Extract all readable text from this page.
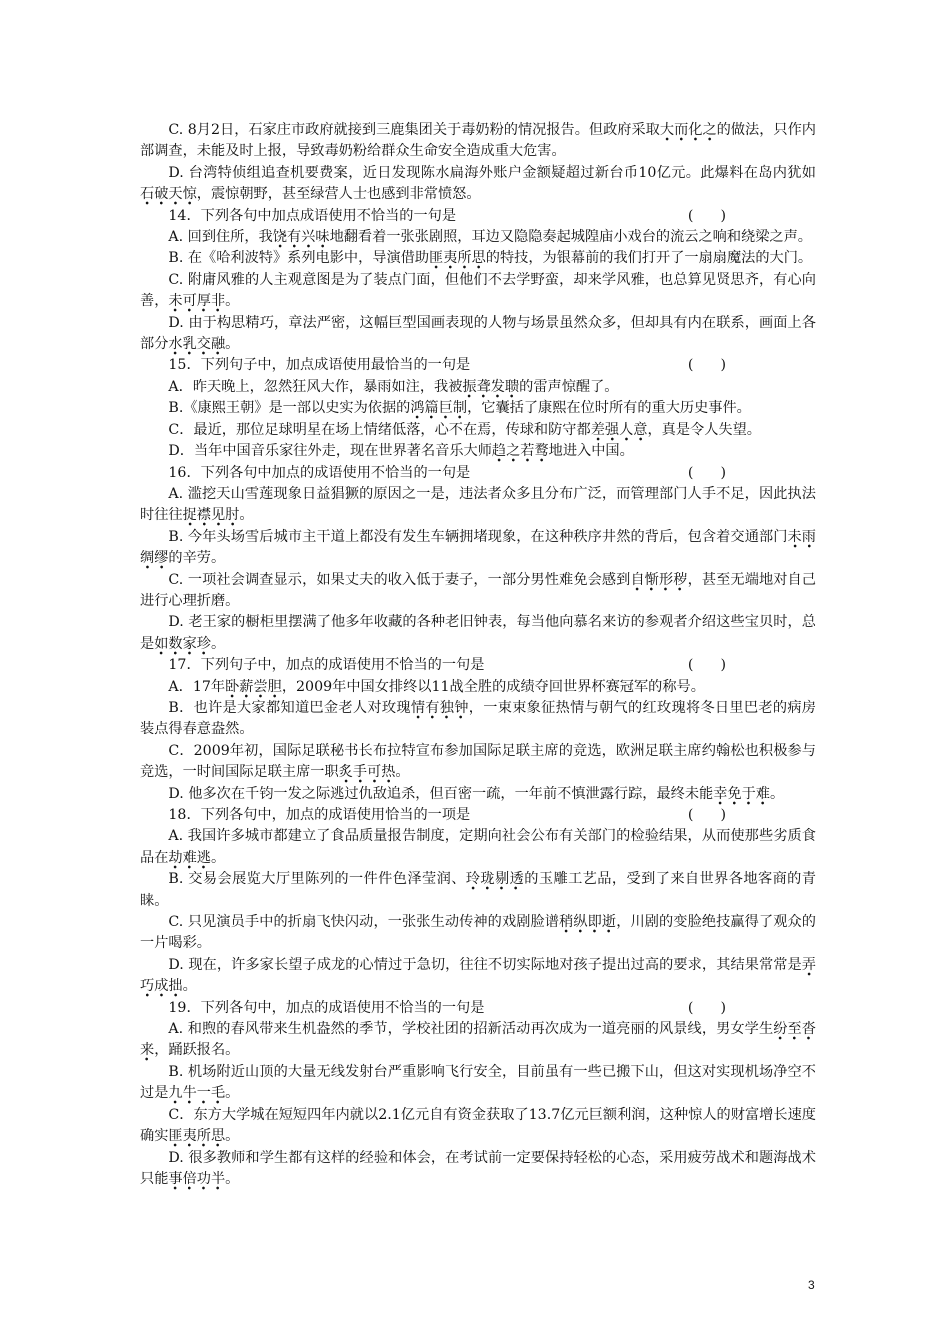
C. 8月2日，石家庄市政府就接到三鹿集团关于毒奶粉的情况报告。但政府采取大而化之的做法，只作内部调查，未能及时上报，导致毒奶粉给群众生命安全造成重大危害。

D. 台湾特侦组追查机要费案，近日发现陈水扁海外账户金额疑超过新台币10亿元。此爆料在岛内犹如石破天惊，震惊朝野，甚至绿营人士也感到非常愤怒。

14．下列各句中加点成语使用不恰当的一句是	(      )

A. 回到住所，我饶有兴味地翻看着一张张剧照，耳边又隐隐奏起城隍庙小戏台的流云之响和绕梁之声。

B. 在《哈利波特》系列电影中，导演借助匪夷所思的特技，为银幕前的我们打开了一扇扇魔法的大门。

C. 附庸风雅的人主观意图是为了装点门面，但他们不去学野蛮，却来学风雅，也总算见贤思齐，有心向善，未可厚非。

D. 由于构思精巧，章法严密，这幅巨型国画表现的人物与场景虽然众多，但却具有内在联系，画面上各部分水乳交融。

15．下列句子中，加点成语使用最恰当的一句是	(      )

A．昨天晚上，忽然狂风大作，暴雨如注，我被振聋发聩的雷声惊醒了。

B.《康熙王朝》是一部以史实为依据的鸿篇巨制，它囊括了康熙在位时所有的重大历史事件。

C．最近，那位足球明星在场上情绪低落，心不在焉，传球和防守都差强人意，真是令人失望。

D．当年中国音乐家往外走，现在世界著名音乐大师趋之若鹜地进入中国。

16．下列各句中加点的成语使用不恰当的一句是	(      )

A. 滥挖天山雪莲现象日益猖獗的原因之一是，违法者众多且分布广泛，而管理部门人手不足，因此执法时往往捉襟见肘。

B. 今年头场雪后城市主干道上都没有发生车辆拥堵现象，在这种秩序井然的背后，包含着交通部门未雨绸缪的辛劳。

C. 一项社会调查显示，如果丈夫的收入低于妻子，一部分男性难免会感到自惭形秽，甚至无端地对自己进行心理折磨。

D. 老王家的橱柜里摆满了他多年收藏的各种老旧钟表，每当他向慕名来访的参观者介绍这些宝贝时，总是如数家珍。

17．下列句子中，加点的成语使用不恰当的一句是	(      )

A．17年卧薪尝胆，2009年中国女排终以11战全胜的成绩夺回世界杯赛冠军的称号。

B．也许是大家都知道巴金老人对玫瑰情有独钟，一束束象征热情与朝气的红玫瑰将冬日里巴老的病房装点得春意盎然。

C．2009年初，国际足联秘书长布拉特宣布参加国际足联主席的竞选，欧洲足联主席约翰松也积极参与竞选，一时间国际足联主席一职炙手可热。

D. 他多次在千钧一发之际逃过仇敌追杀，但百密一疏，一年前不慎泄露行踪，最终未能幸免于难。

18．下列各句中，加点的成语使用恰当的一项是	(      )

A. 我国许多城市都建立了食品质量报告制度，定期向社会公布有关部门的检验结果，从而使那些劣质食品在劫难逃。

B. 交易会展览大厅里陈列的一件件色泽莹润、玲珑剔透的玉雕工艺品，受到了来自世界各地客商的青睐。

C. 只见演员手中的折扇飞快闪动，一张张生动传神的戏剧脸谱稍纵即逝，川剧的变脸绝技赢得了观众的一片喝彩。

D. 现在，许多家长望子成龙的心情过于急切，往往不切实际地对孩子提出过高的要求，其结果常常是弄巧成拙。

19．下列各句中，加点的成语使用不恰当的一句是	(      )

A. 和煦的春风带来生机盎然的季节，学校社团的招新活动再次成为一道亮丽的风景线，男女学生纷至沓来，踊跃报名。

B. 机场附近山顶的大量无线发射台严重影响飞行安全，目前虽有一些已搬下山，但这对实现机场净空不过是九牛一毛。

C．东方大学城在短短四年内就以2.1亿元自有资金获取了13.7亿元巨额利润，这种惊人的财富增长速度确实匪夷所思。

D. 很多教师和学生都有这样的经验和体会，在考试前一定要保持轻松的心态，采用疲劳战术和题海战术只能事倍功半。

3
